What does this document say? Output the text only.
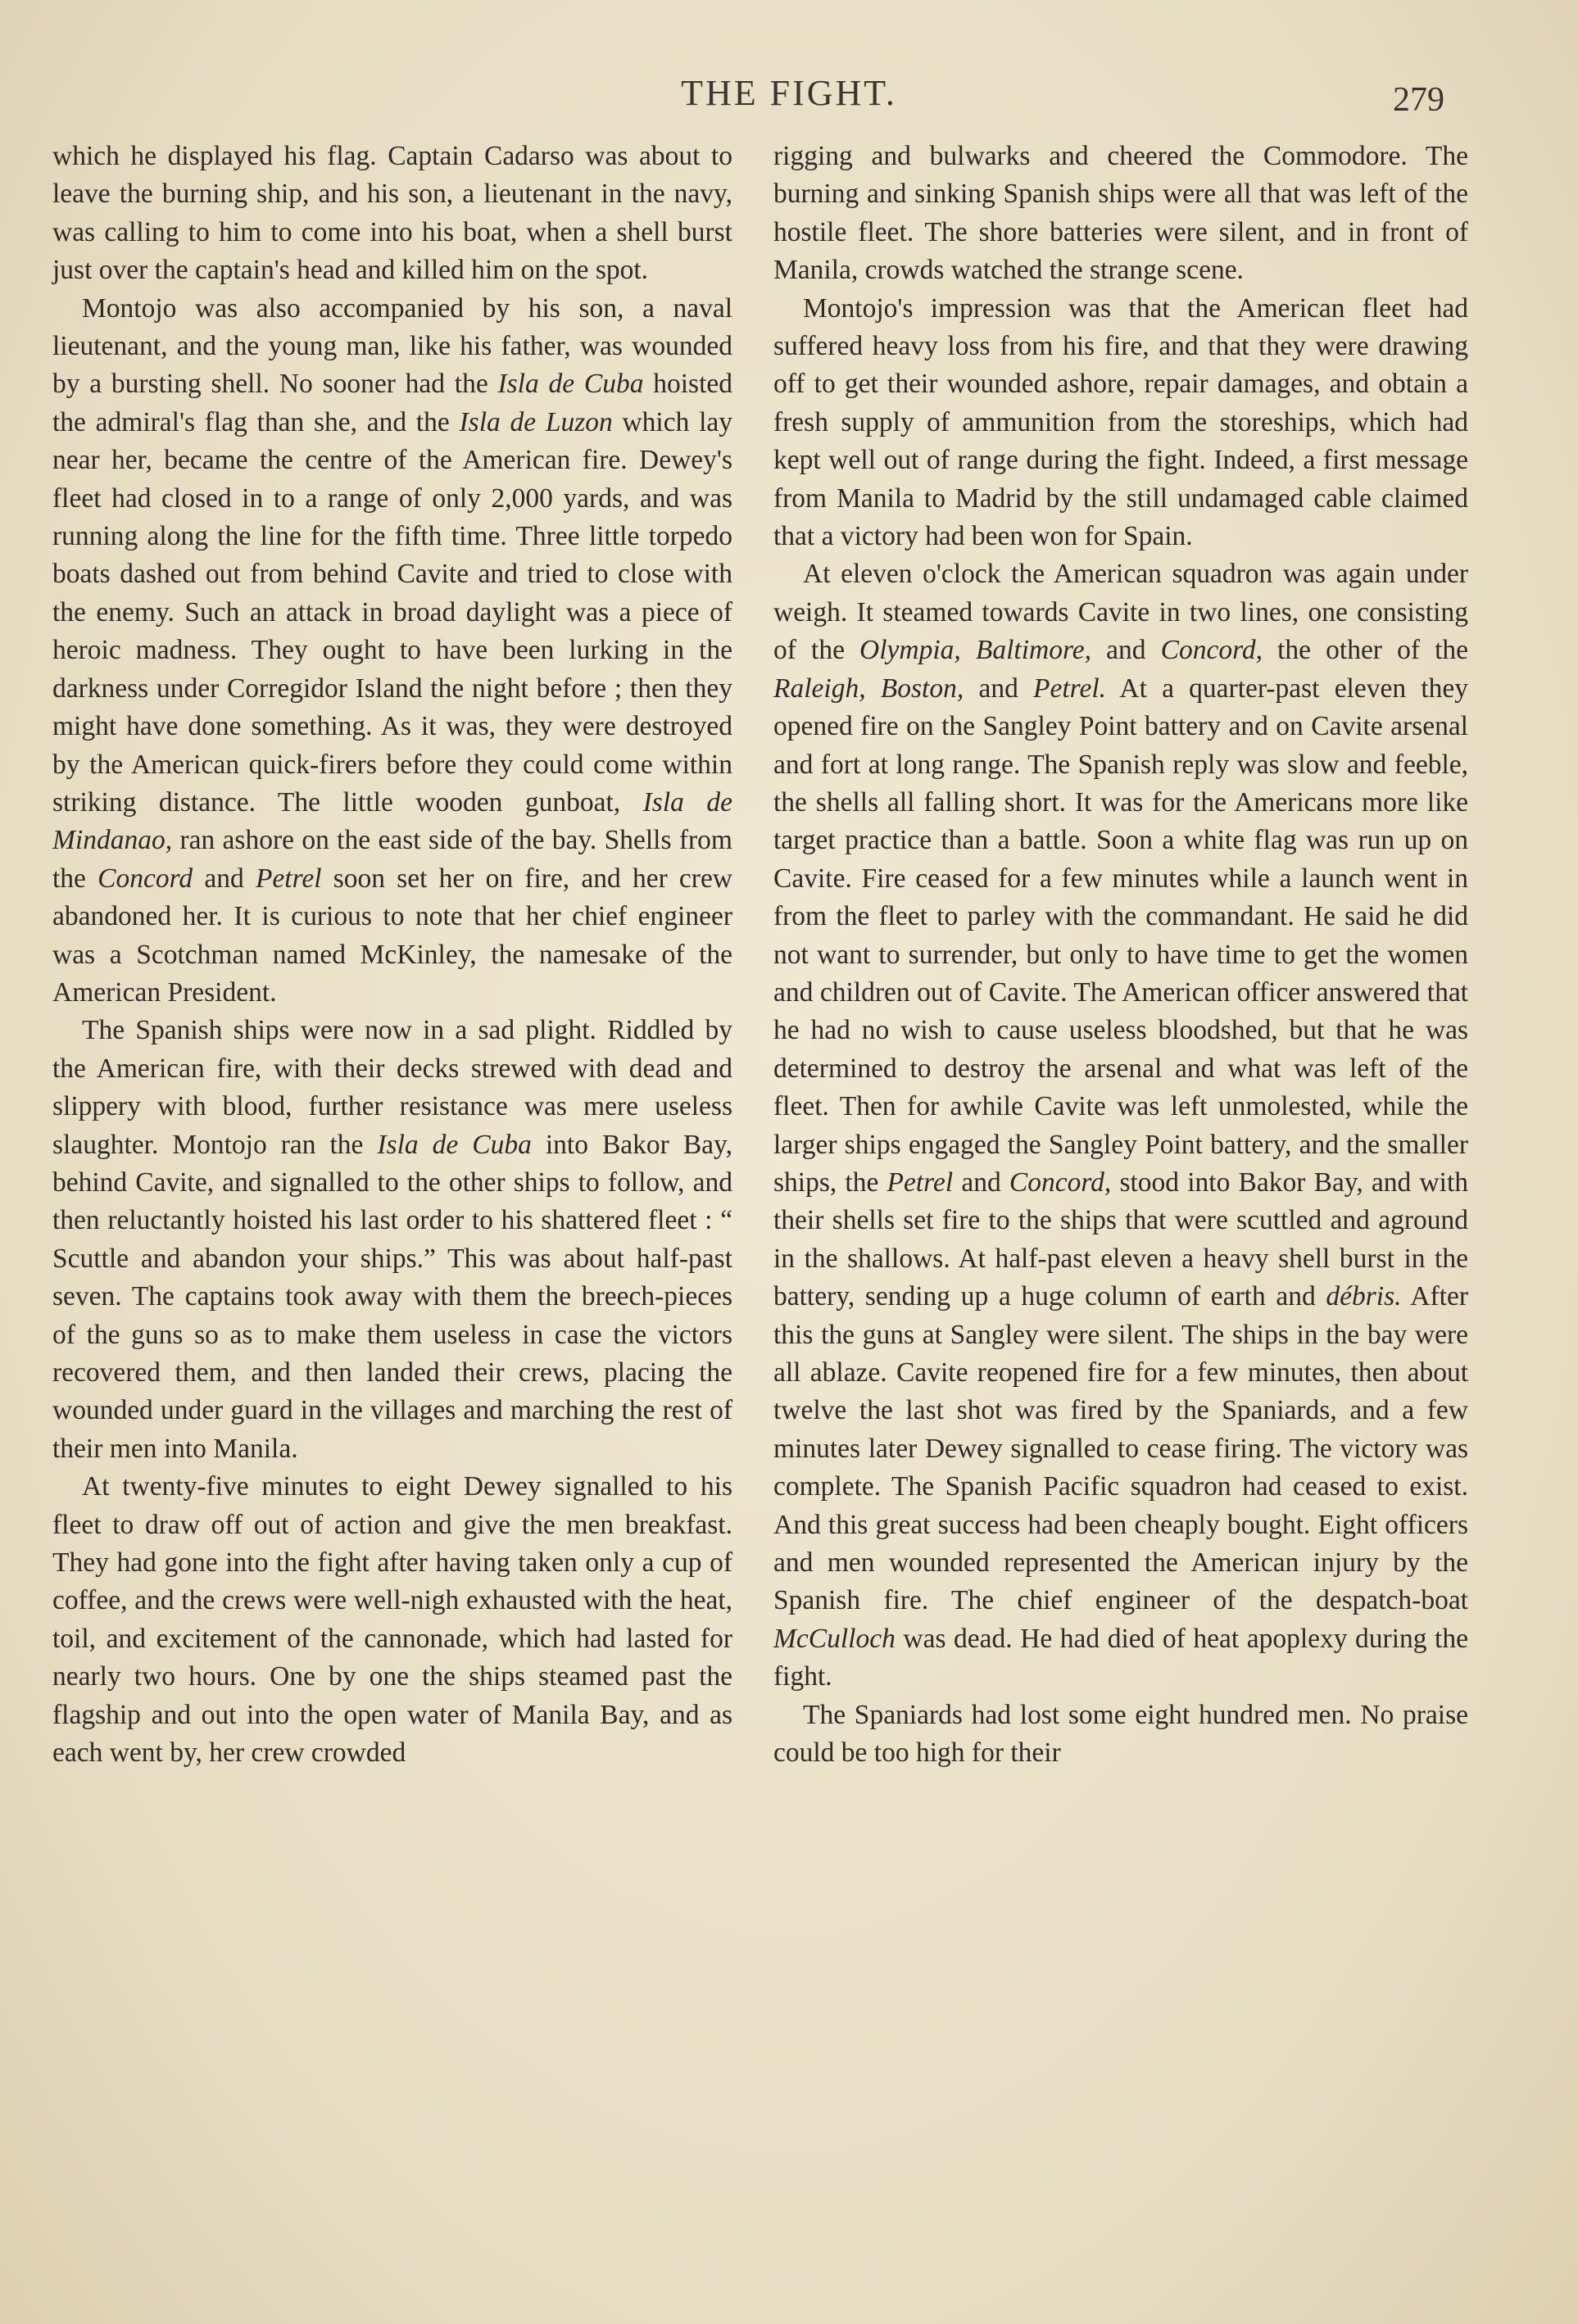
THE FIGHT.	279

which he displayed his flag. Captain Cadarso was about to leave the burning ship, and his son, a lieutenant in the navy, was calling to him to come into his boat, when a shell burst just over the captain's head and killed him on the spot.

Montojo was also accompanied by his son, a naval lieutenant, and the young man, like his father, was wounded by a bursting shell. No sooner had the Isla de Cuba hoisted the admiral's flag than she, and the Isla de Luzon which lay near her, became the centre of the American fire. Dewey's fleet had closed in to a range of only 2,000 yards, and was running along the line for the fifth time. Three little torpedo boats dashed out from behind Cavite and tried to close with the enemy. Such an attack in broad daylight was a piece of heroic madness. They ought to have been lurking in the darkness under Corregidor Island the night before ; then they might have done something. As it was, they were destroyed by the American quick-firers before they could come within striking distance. The little wooden gunboat, Isla de Mindanao, ran ashore on the east side of the bay. Shells from the Concord and Petrel soon set her on fire, and her crew abandoned her. It is curious to note that her chief engineer was a Scotchman named McKinley, the namesake of the American President.

The Spanish ships were now in a sad plight. Riddled by the American fire, with their decks strewed with dead and slippery with blood, further resistance was mere useless slaughter. Montojo ran the Isla de Cuba into Bakor Bay, behind Cavite, and signalled to the other ships to follow, and then reluctantly hoisted his last order to his shattered fleet : “ Scuttle and abandon your ships.” This was about half-past seven. The captains took away with them the breech-pieces of the guns so as to make them useless in case the victors recovered them, and then landed their crews, placing the wounded under guard in the villages and marching the rest of their men into Manila.

At twenty-five minutes to eight Dewey signalled to his fleet to draw off out of action and give the men breakfast. They had gone into the fight after having taken only a cup of coffee, and the crews were well-nigh exhausted with the heat, toil, and excitement of the cannonade, which had lasted for nearly two hours. One by one the ships steamed past the flagship and out into the open water of Manila Bay, and as each went by, her crew crowded

rigging and bulwarks and cheered the Commodore. The burning and sinking Spanish ships were all that was left of the hostile fleet. The shore batteries were silent, and in front of Manila, crowds watched the strange scene.

Montojo's impression was that the American fleet had suffered heavy loss from his fire, and that they were drawing off to get their wounded ashore, repair damages, and obtain a fresh supply of ammunition from the storeships, which had kept well out of range during the fight. Indeed, a first message from Manila to Madrid by the still undamaged cable claimed that a victory had been won for Spain.

At eleven o'clock the American squadron was again under weigh. It steamed towards Cavite in two lines, one consisting of the Olympia, Baltimore, and Concord, the other of the Raleigh, Boston, and Petrel. At a quarter-past eleven they opened fire on the Sangley Point battery and on Cavite arsenal and fort at long range. The Spanish reply was slow and feeble, the shells all falling short. It was for the Americans more like target practice than a battle. Soon a white flag was run up on Cavite. Fire ceased for a few minutes while a launch went in from the fleet to parley with the commandant. He said he did not want to surrender, but only to have time to get the women and children out of Cavite. The American officer answered that he had no wish to cause useless bloodshed, but that he was determined to destroy the arsenal and what was left of the fleet. Then for awhile Cavite was left unmolested, while the larger ships engaged the Sangley Point battery, and the smaller ships, the Petrel and Concord, stood into Bakor Bay, and with their shells set fire to the ships that were scuttled and aground in the shallows. At half-past eleven a heavy shell burst in the battery, sending up a huge column of earth and débris. After this the guns at Sangley were silent. The ships in the bay were all ablaze. Cavite reopened fire for a few minutes, then about twelve the last shot was fired by the Spaniards, and a few minutes later Dewey signalled to cease firing. The victory was complete. The Spanish Pacific squadron had ceased to exist. And this great success had been cheaply bought. Eight officers and men wounded represented the American injury by the Spanish fire. The chief engineer of the despatch-boat McCulloch was dead. He had died of heat apoplexy during the fight.

The Spaniards had lost some eight hundred men. No praise could be too high for their
